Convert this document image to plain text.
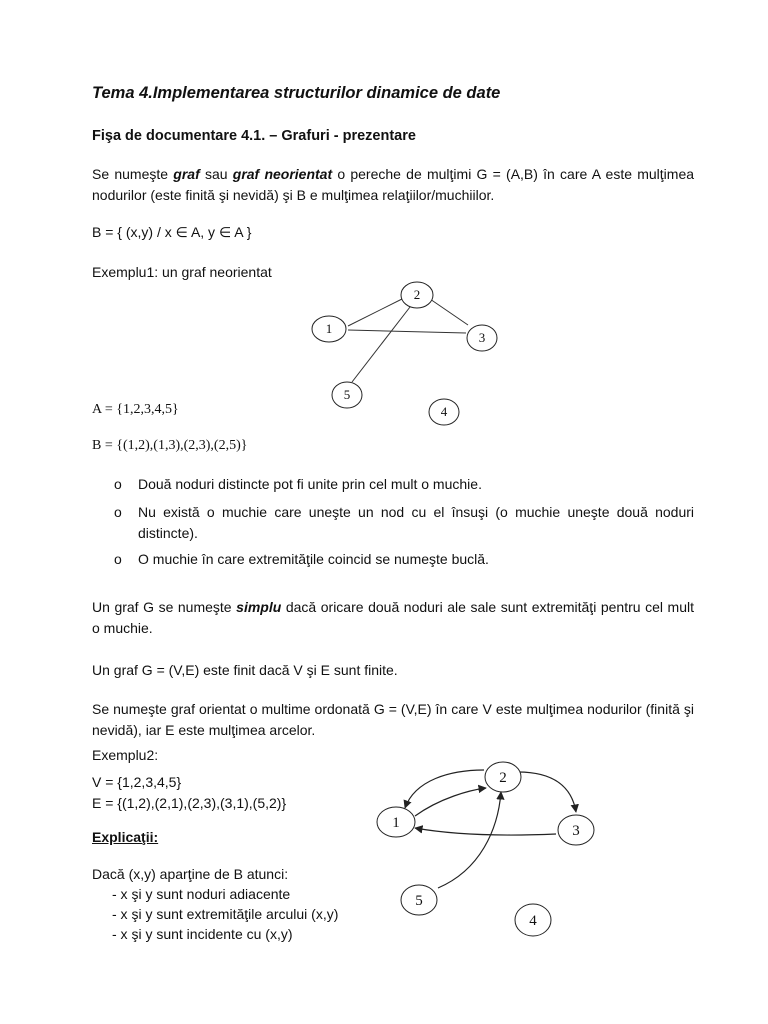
Tema 4.Implementarea structurilor dinamice de date
Fişa de documentare 4.1. – Grafuri - prezentare
Se numeşte graf sau graf neorientat o pereche de mulţimi G = (A,B) în care A este mulţimea nodurilor (este finită şi nevidă) şi B e mulţimea relaţiilor/muchiilor.
B = { (x,y) / x ∈ A, y ∈ A }
Exemplu1: un graf neorientat
2
1
3
5
4
A = {1,2,3,4,5}
B = {(1,2),(1,3),(2,3),(2,5)}
o Două noduri distincte pot fi unite prin cel mult o muchie.
o Nu există o muchie care uneşte un nod cu el însuşi (o muchie uneşte două noduri distincte).
o O muchie în care extremităţile coincid se numeşte buclă.
Un graf G se numeşte simplu dacă oricare două noduri ale sale sunt extremităţi pentru cel mult o muchie.
Un graf G = (V,E) este finit dacă V şi E sunt finite.
Se numeşte graf orientat o multime ordonată G = (V,E) în care V este mulţimea nodurilor (finită şi nevidă), iar E este mulţimea arcelor.
Exemplu2:
V = {1,2,3,4,5}
E = {(1,2),(2,1),(2,3),(3,1),(5,2)}
Explicaţii:
Dacă (x,y) aparţine de B atunci:
- x şi y sunt noduri adiacente
- x şi y sunt extremităţile arcului (x,y)
- x şi y sunt incidente cu (x,y)
2
1	3
5
4
